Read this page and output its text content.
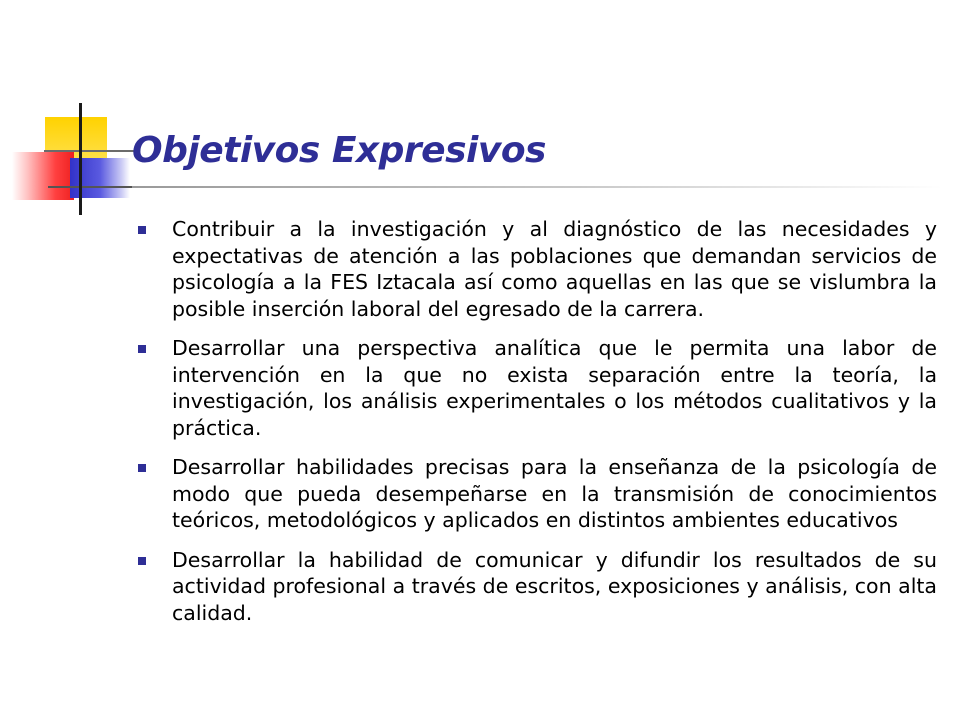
Objetivos Expresivos
Contribuir a la investigación y al diagnóstico de las necesidades y expectativas de atención a las poblaciones que demandan servicios de psicología a la FES Iztacala así como aquellas en las que se vislumbra la posible inserción laboral del egresado de la carrera.
Desarrollar una perspectiva analítica que le permita una labor de intervención en la que no exista separación entre la teoría, la investigación, los análisis experimentales o los métodos cualitativos y la práctica.
Desarrollar habilidades precisas para la enseñanza de la psicología de modo que pueda desempeñarse en la transmisión de conocimientos teóricos, metodológicos y aplicados en distintos ambientes educativos
Desarrollar la habilidad de comunicar y difundir los resultados de su actividad profesional a través de escritos, exposiciones y análisis, con alta calidad.
